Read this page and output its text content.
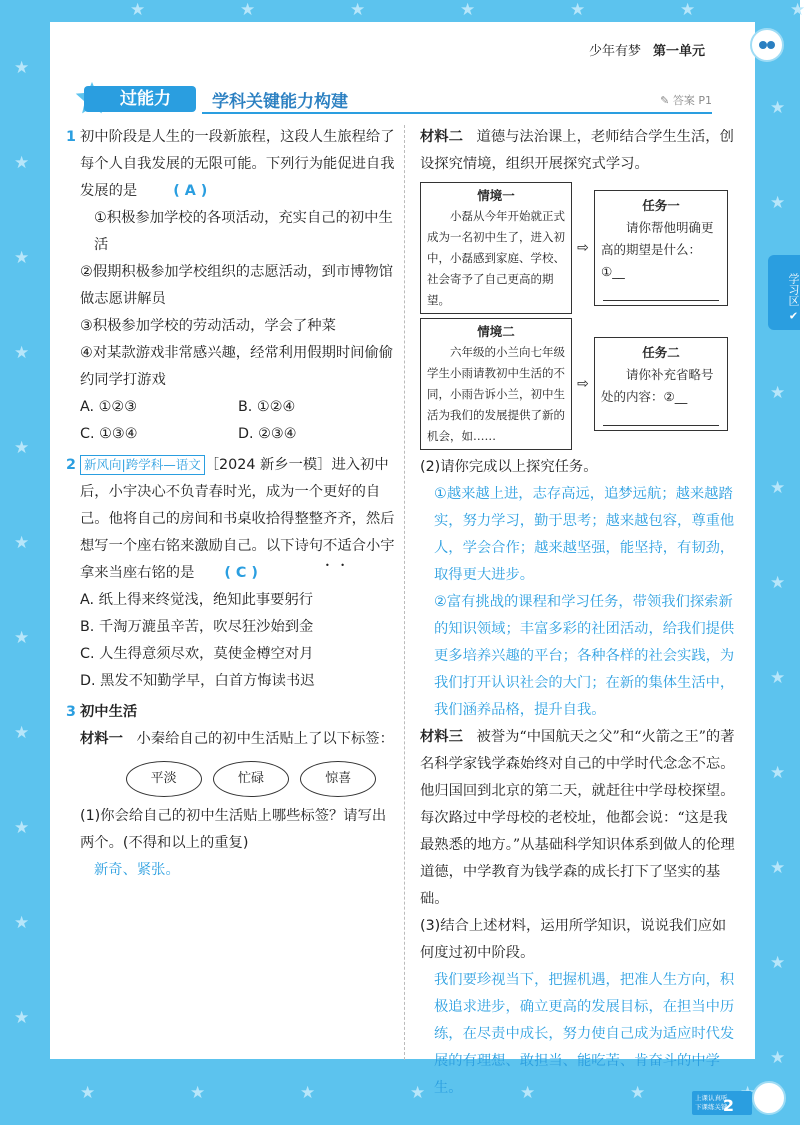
★
★
★
★
★
★
★
★
★
★
★
★
★
★
★
★
★
★
★
★
★
★
★
★
★
★
★
★
★
★
★
★
★	★
少年有梦 第一单元
过能力	学科关键能力构建	✎ 答案 P1
1 初中阶段是人生的一段新旅程，这段人生旅程给了每个人自我发展的无限可能。下列行为能促进自我发展的是	( A )
①积极参加学校的各项活动，充实自己的初中生活
②假期积极参加学校组织的志愿活动，到市博物馆做志愿讲解员
③积极参加学校的劳动活动，学会了种菜
④对某款游戏非常感兴趣，经常利用假期时间偷偷约同学打游戏
A. ①②③	B. ①②④
C. ①③④	D. ②③④
2 新风向|跨学科—语文 ［2024 新乡一模］进入初中后，小宇决心不负青春时光，成为一个更好的自己。他将自己的房间和书桌收拾得整整齐齐，然后想写一个座右铭来激励自己。以下诗句不适合 • •小宇拿来当座右铭的是 ( C )
A. 纸上得来终觉浅，绝知此事要躬行
B. 千淘万漉虽辛苦，吹尽狂沙始到金
C. 人生得意须尽欢，莫使金樽空对月
D. 黑发不知勤学早，白首方悔读书迟
3 初中生活
材料一 小秦给自己的初中生活贴上了以下标签：
平淡	忙碌	惊喜
(1)你会给自己的初中生活贴上哪些标签？请写出两个。(不得和以上的重复)
新奇、紧张。
材料二 道德与法治课上，老师结合学生生活，创设探究情境，组织开展探究式学习。
情境一
小磊从今年开始就正式成为一名初中生了，进入初中，小磊感到家庭、学校、社会寄予了自己更高的期望。
⇨
任务一
请你帮他明确更高的期望是什么：①__
情境二
六年级的小兰向七年级学生小雨请教初中生活的不同，小雨告诉小兰，初中生活为我们的发展提供了新的机会，如……
⇨
任务二
请你补充省略号处的内容：②__
(2)请你完成以上探究任务。
①越来越上进，志存高远，追梦远航；越来越踏实，努力学习，勤于思考；越来越包容，尊重他人，学会合作；越来越坚强，能坚持，有韧劲，取得更大进步。
②富有挑战的课程和学习任务，带领我们探索新的知识领域；丰富多彩的社团活动，给我们提供更多培养兴趣的平台；各种各样的社会实践，为我们打开认识社会的大门；在新的集体生活中，我们涵养品格，提升自我。
材料三 被誉为“中国航天之父”和“火箭之王”的著名科学家钱学森始终对自己的中学时代念念不忘。他归国回到北京的第二天，就赶往中学母校探望。每次路过中学母校的老校址，他都会说：“这是我最熟悉的地方。”从基础科学知识体系到做人的伦理道德，中学教育为钱学森的成长打下了坚实的基础。
(3)结合上述材料，运用所学知识，说说我们应如何度过初中阶段。
我们要珍视当下，把握机遇，把准人生方向，积极追求进步，确立更高的发展目标，在担当中历练，在尽责中成长，努力使自己成为适应时代发展的有理想、敢担当、能吃苦、肯奋斗的中学生。
学习区 ✔
上课认真听
下课练关键
2
